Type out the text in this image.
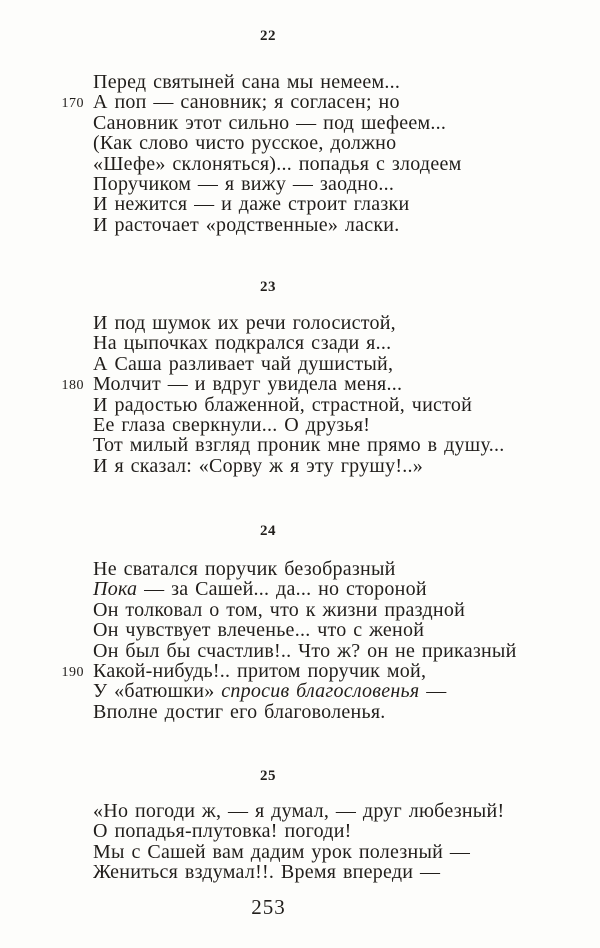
22
Перед святыней сана мы немеем...
170 А поп — сановник; я согласен; но
Сановник этот сильно — под шефеем...
(Как слово чисто русское, должно
«Шефе» склоняться)... попадья с злодеем
Поручиком — я вижу — заодно...
И нежится — и даже строит глазки
И расточает «родственные» ласки.
23
И под шумок их речи голосистой,
На цыпочках подкрался сзади я...
А Саша разливает чай душистый,
180 Молчит — и вдруг увидела меня...
И радостью блаженной, страстной, чистой
Ее глаза сверкнули... О друзья!
Тот милый взгляд проник мне прямо в душу...
И я сказал: «Сорву ж я эту грушу!..»
24
Не сватался поручик безобразный
Пока — за Сашей... да... но стороной
Он толковал о том, что к жизни праздной
Он чувствует влеченье... что с женой
Он был бы счастлив!.. Что ж? он не приказный
190 Какой-нибудь!.. притом поручик мой,
У «батюшки» спросив благословенья —
Вполне достиг его благоволенья.
25
«Но погоди ж, — я думал, — друг любезный!
О попадья-плутовка! погоди!
Мы с Сашей вам дадим урок полезный —
Жениться вздумал!!. Время впереди —
253
